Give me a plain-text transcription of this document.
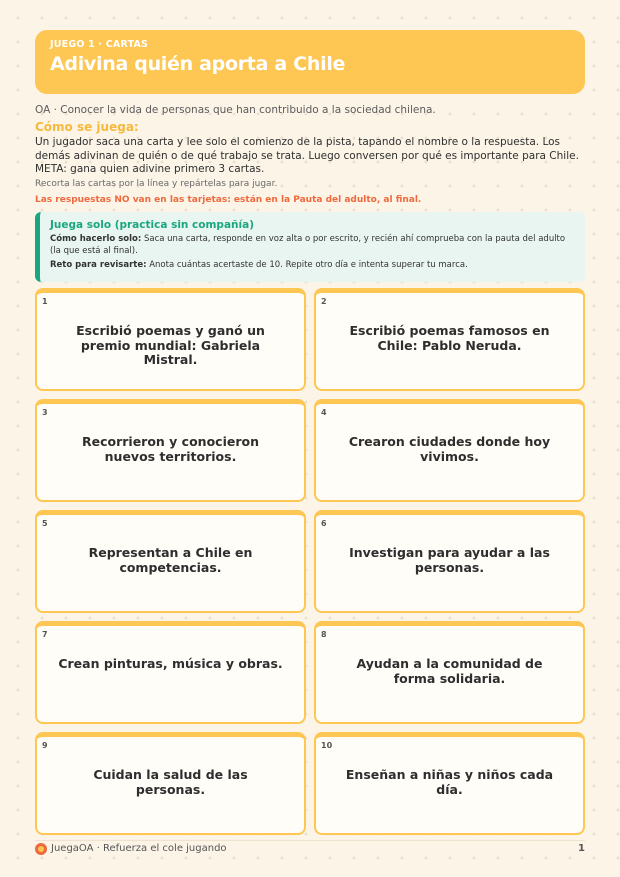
JUEGO 1 · CARTAS
Adivina quién aporta a Chile
OA · Conocer la vida de personas que han contribuido a la sociedad chilena.
Cómo se juega:
Un jugador saca una carta y lee solo el comienzo de la pista, tapando el nombre o la respuesta. Los demás adivinan de quién o de qué trabajo se trata. Luego conversen por qué es importante para Chile. META: gana quien adivine primero 3 cartas.
Recorta las cartas por la línea y repártelas para jugar.
Las respuestas NO van en las tarjetas: están en la Pauta del adulto, al final.
Juega solo (practica sin compañía)

Cómo hacerlo solo: Saca una carta, responde en voz alta o por escrito, y recién ahí comprueba con la pauta del adulto (la que está al final).

Reto para revisarte: Anota cuántas acertaste de 10. Repite otro día e intenta superar tu marca.

1
Escribió poemas y ganó un premio mundial: Gabriela Mistral.
2
Escribió poemas famosos en Chile: Pablo Neruda.
3
Recorrieron y conocieron nuevos territorios.
4
Crearon ciudades donde hoy vivimos.
5
Representan a Chile en competencias.
6
Investigan para ayudar a las personas.
7
Crean pinturas, música y obras.
8
Ayudan a la comunidad de forma solidaria.
9
Cuidan la salud de las personas.
10
Enseñan a niñas y niños cada día.
JuegaOA · Refuerza el cole jugando	1
